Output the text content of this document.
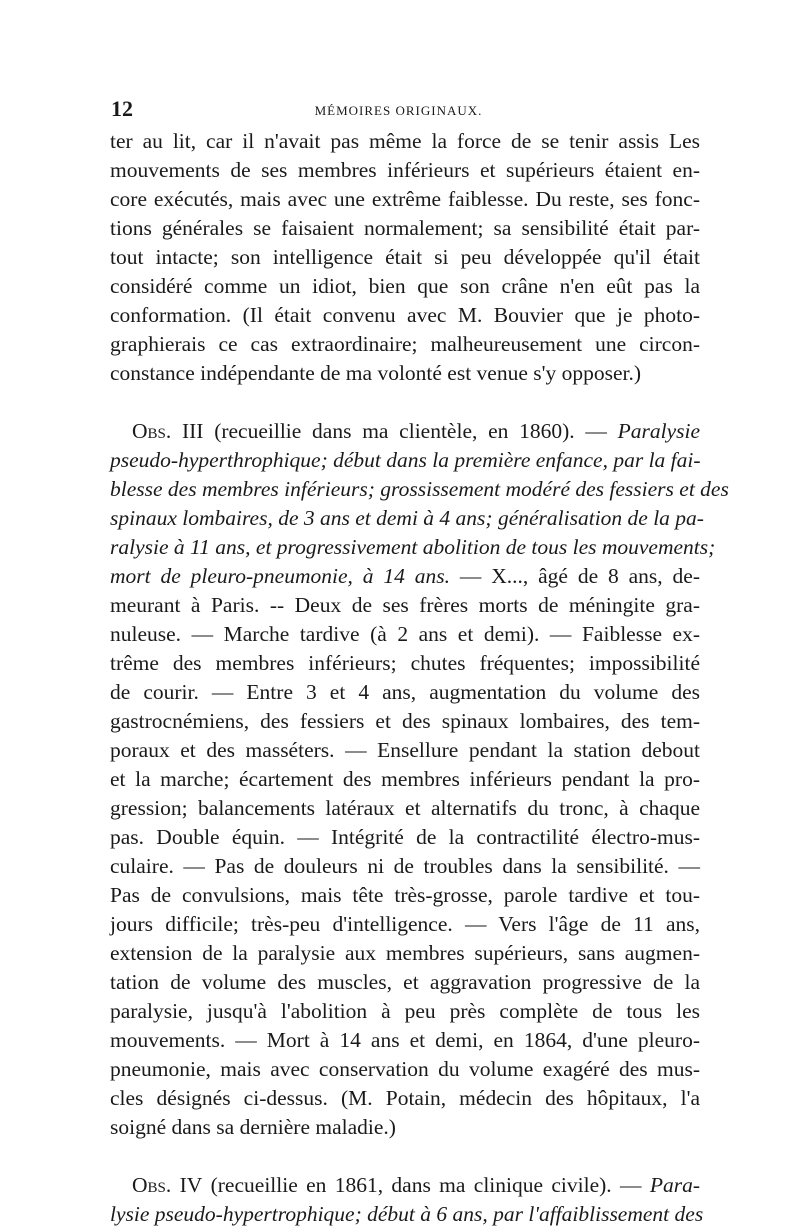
12	MÉMOIRES ORIGINAUX.
ter au lit, car il n'avait pas même la force de se tenir assis Les
mouvements de ses membres inférieurs et supérieurs étaient en-
core exécutés, mais avec une extrême faiblesse. Du reste, ses fonc-
tions générales se faisaient normalement; sa sensibilité était par-
tout intacte; son intelligence était si peu développée qu'il était
considéré comme un idiot, bien que son crâne n'en eût pas la
conformation. (Il était convenu avec M. Bouvier que je photo-
graphierais ce cas extraordinaire; malheureusement une circon-
constance indépendante de ma volonté est venue s'y opposer.)
Obs. III (recueillie dans ma clientèle, en 1860). — Paralysie
pseudo-hyperthrophique; début dans la première enfance, par la fai-
blesse des membres inférieurs; grossissement modéré des fessiers et des
spinaux lombaires, de 3 ans et demi à 4 ans; généralisation de la pa-
ralysie à 11 ans, et progressivement abolition de tous les mouvements;
mort de pleuro-pneumonie, à 14 ans. — X..., âgé de 8 ans, de-
meurant à Paris. -- Deux de ses frères morts de méningite gra-
nuleuse. — Marche tardive (à 2 ans et demi). — Faiblesse ex-
trême des membres inférieurs; chutes fréquentes; impossibilité
de courir. — Entre 3 et 4 ans, augmentation du volume des
gastrocnémiens, des fessiers et des spinaux lombaires, des tem-
poraux et des masséters. — Ensellure pendant la station debout
et la marche; écartement des membres inférieurs pendant la pro-
gression; balancements latéraux et alternatifs du tronc, à chaque
pas. Double équin. — Intégrité de la contractilité électro-mus-
culaire. — Pas de douleurs ni de troubles dans la sensibilité. —
Pas de convulsions, mais tête très-grosse, parole tardive et tou-
jours difficile; très-peu d'intelligence. — Vers l'âge de 11 ans,
extension de la paralysie aux membres supérieurs, sans augmen-
tation de volume des muscles, et aggravation progressive de la
paralysie, jusqu'à l'abolition à peu près complète de tous les
mouvements. — Mort à 14 ans et demi, en 1864, d'une pleuro-
pneumonie, mais avec conservation du volume exagéré des mus-
cles désignés ci-dessus. (M. Potain, médecin des hôpitaux, l'a
soigné dans sa dernière maladie.)
Obs. IV (recueillie en 1861, dans ma clinique civile). — Para-
lysie pseudo-hypertrophique; début à 6 ans, par l'affaiblissement des
